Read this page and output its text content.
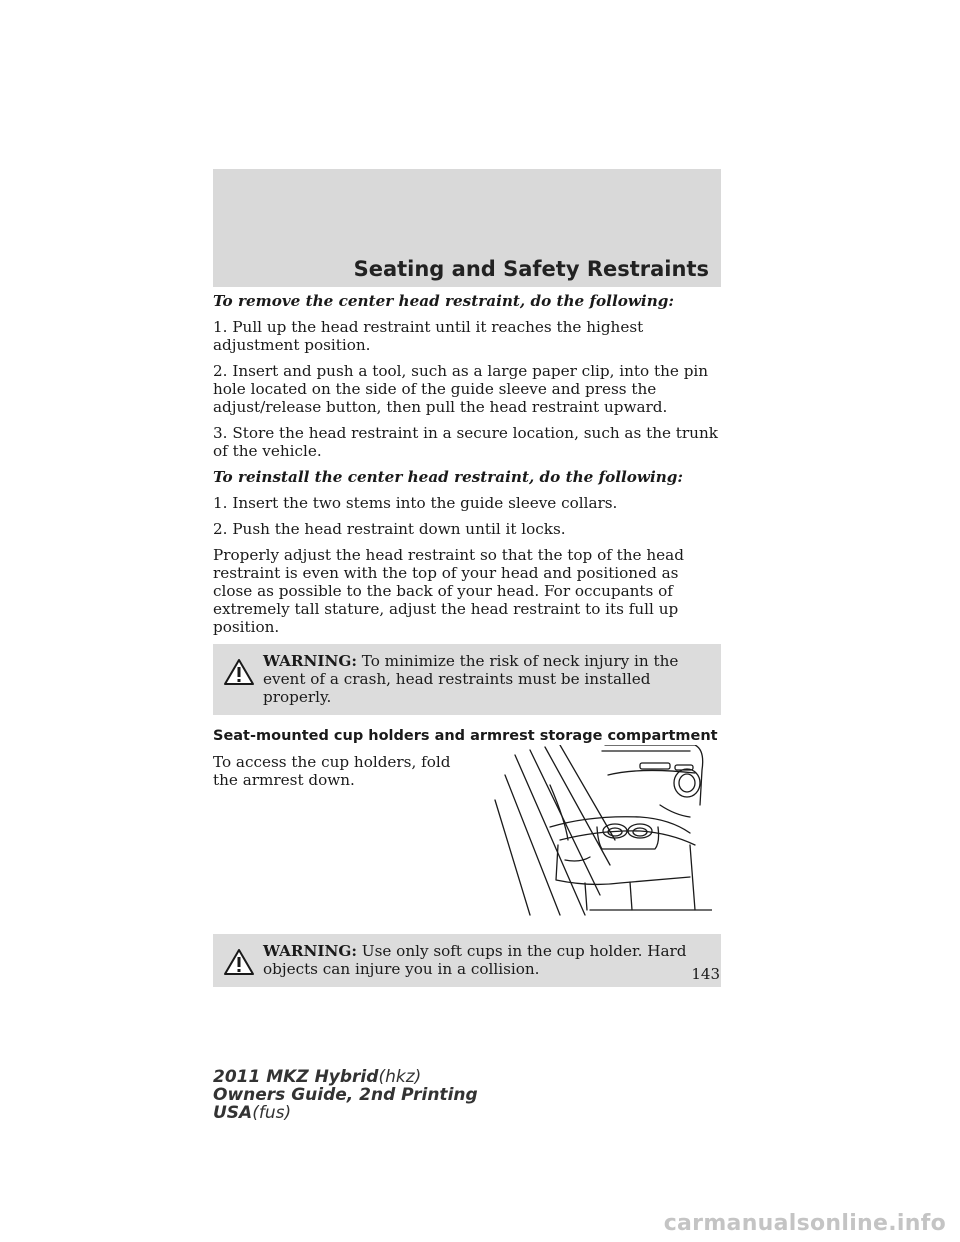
Seating and Safety Restraints

To remove the center head restraint, do the following:

1. Pull up the head restraint until it reaches the highest adjustment position.

2. Insert and push a tool, such as a large paper clip, into the pin hole located on the side of the guide sleeve and press the adjust/release button, then pull the head restraint upward.

3. Store the head restraint in a secure location, such as the trunk of the vehicle.

To reinstall the center head restraint, do the following:

1. Insert the two stems into the guide sleeve collars.

2. Push the head restraint down until it locks.

Properly adjust the head restraint so that the top of the head restraint is even with the top of your head and positioned as close as possible to the back of your head. For occupants of extremely tall stature, adjust the head restraint to its full up position.

WARNING: To minimize the risk of neck injury in the event of a crash, head restraints must be installed properly.

Seat-mounted cup holders and armrest storage compartment

To access the cup holders, fold the armrest down.

WARNING: Use only soft cups in the cup holder. Hard objects can injure you in a collision.	143
2011 MKZ Hybrid(hkz)
Owners Guide, 2nd Printing
USA(fus)
carmanualsonline.info
